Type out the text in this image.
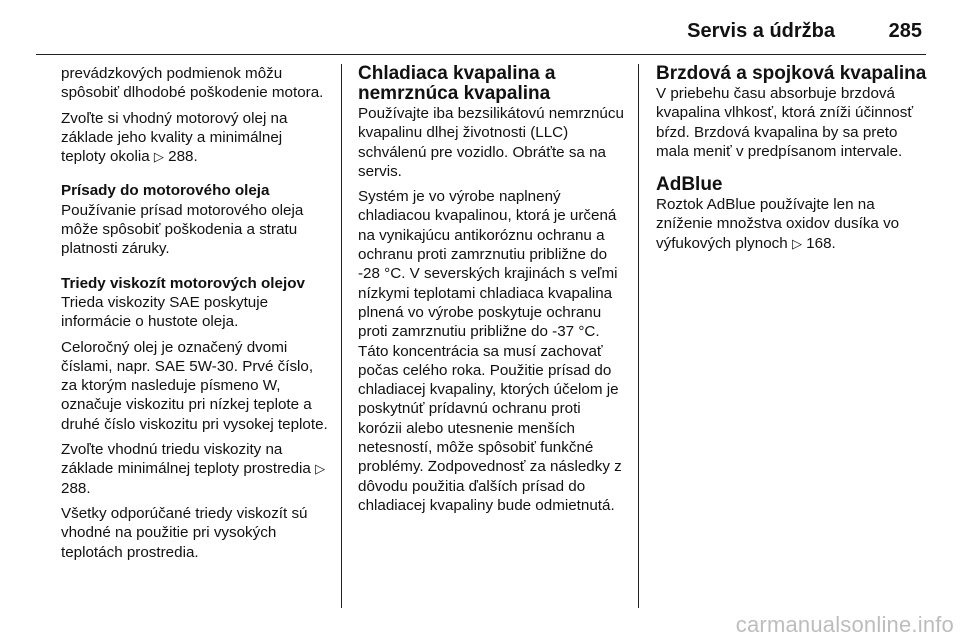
Servis a údržba	285

prevádzkových podmienok môžu spôsobiť dlhodobé poškodenie motora.

Zvoľte si vhodný motorový olej na základe jeho kvality a minimálnej teploty okolia ▷ 288.

Prísady do motorového oleja

Používanie prísad motorového oleja môže spôsobiť poškodenia a stratu platnosti záruky.

Triedy viskozít motorových olejov

Trieda viskozity SAE poskytuje informácie o hustote oleja.

Celoročný olej je označený dvomi číslami, napr. SAE 5W-30. Prvé číslo, za ktorým nasleduje písmeno W, označuje viskozitu pri nízkej teplote a druhé číslo viskozitu pri vysokej teplote.

Zvoľte vhodnú triedu viskozity na základe minimálnej teploty prostredia ▷ 288.

Všetky odporúčané triedy viskozít sú vhodné na použitie pri vysokých teplotách prostredia.

Chladiaca kvapalina a nemrznúca kvapalina

Používajte iba bezsilikátovú nemrznúcu kvapalinu dlhej životnosti (LLC) schválenú pre vozidlo. Obráťte sa na servis.

Systém je vo výrobe naplnený chladiacou kvapalinou, ktorá je určená na vynikajúcu antikoróznu ochranu a ochranu proti zamrznutiu približne do -28 °C. V severských krajinách s veľmi nízkymi teplotami chladiaca kvapalina plnená vo výrobe poskytuje ochranu proti zamrznutiu približne do -37 °C. Táto koncentrácia sa musí zachovať počas celého roka. Použitie prísad do chladiacej kvapaliny, ktorých účelom je poskytnúť prídavnú ochranu proti korózii alebo utesnenie menších netesností, môže spôsobiť funkčné problémy. Zodpovednosť za následky z dôvodu použitia ďalších prísad do chladiacej kvapaliny bude odmietnutá.

Brzdová a spojková kvapalina

V priebehu času absorbuje brzdová kvapalina vlhkosť, ktorá zníži účinnosť bŕzd. Brzdová kvapalina by sa preto mala meniť v predpísanom intervale.

AdBlue

Roztok AdBlue používajte len na zníženie množstva oxidov dusíka vo výfukových plynoch ▷ 168.

carmanualsonline.info
